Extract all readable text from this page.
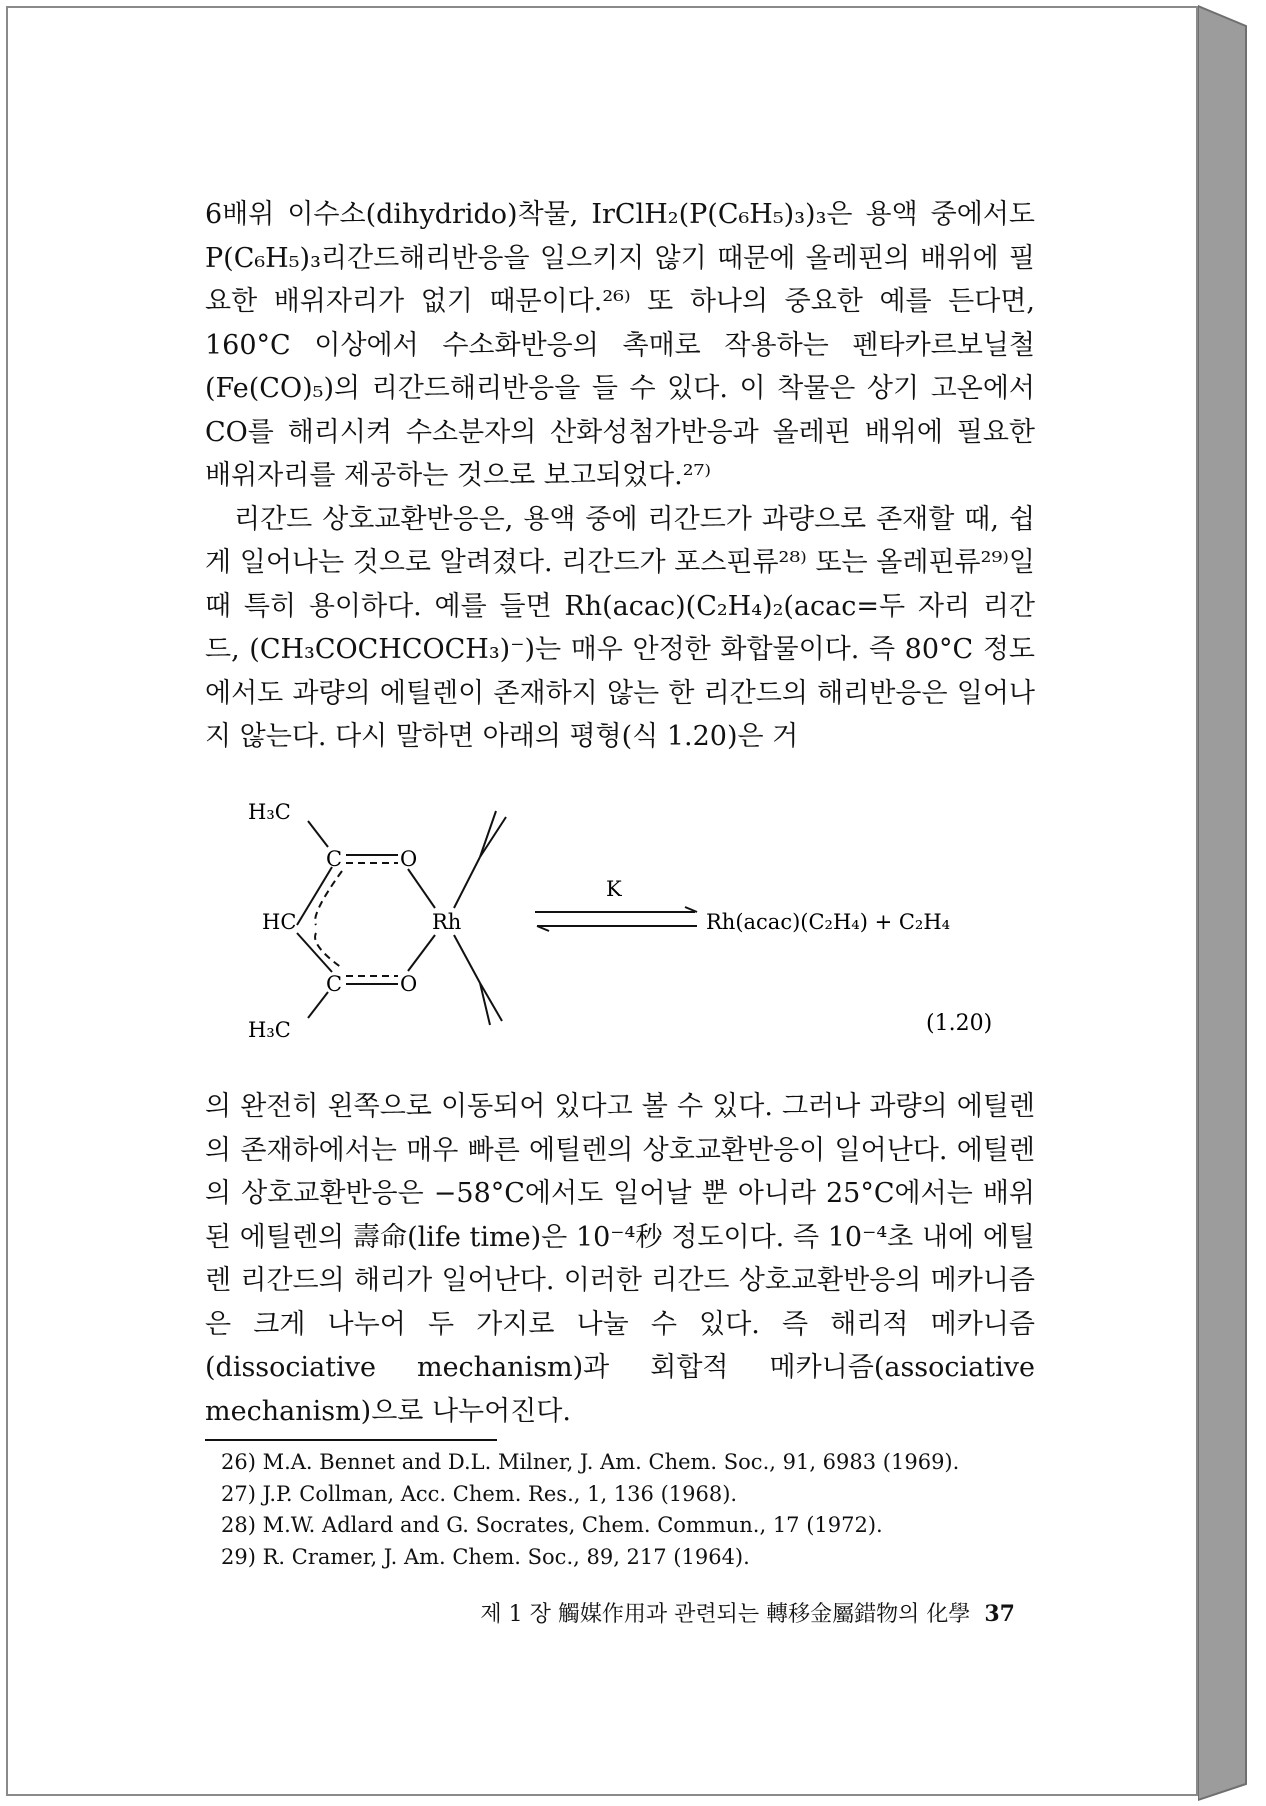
6배위 이수소(dihydrido)착물, IrClH₂(P(C₆H₅)₃)₃은 용액 중에서도 P(C₆H₅)₃리간드해리반응을 일으키지 않기 때문에 올레핀의 배위에 필요한 배위자리가 없기 때문이다.²⁶⁾ 또 하나의 중요한 예를 든다면, 160°C 이상에서 수소화반응의 촉매로 작용하는 펜타카르보닐철(Fe(CO)₅)의 리간드해리반응을 들 수 있다. 이 착물은 상기 고온에서 CO를 해리시켜 수소분자의 산화성첨가반응과 올레핀 배위에 필요한 배위자리를 제공하는 것으로 보고되었다.²⁷⁾

리간드 상호교환반응은, 용액 중에 리간드가 과량으로 존재할 때, 쉽게 일어나는 것으로 알려졌다. 리간드가 포스핀류²⁸⁾ 또는 올레핀류²⁹⁾일 때 특히 용이하다. 예를 들면 Rh(acac)(C₂H₄)₂(acac=두 자리 리간드, (CH₃COCHCOCH₃)⁻)는 매우 안정한 화합물이다. 즉 80°C 정도에서도 과량의 에틸렌이 존재하지 않는 한 리간드의 해리반응은 일어나지 않는다. 다시 말하면 아래의 평형(식 1.20)은 거

H₃C
H₃C
C
C
O
O
HC	Rh
K
Rh(acac)(C₂H₄) + C₂H₄
(1.20)

의 완전히 왼쪽으로 이동되어 있다고 볼 수 있다. 그러나 과량의 에틸렌의 존재하에서는 매우 빠른 에틸렌의 상호교환반응이 일어난다. 에틸렌의 상호교환반응은 −58°C에서도 일어날 뿐 아니라 25°C에서는 배위된 에틸렌의 壽命(life time)은 10⁻⁴秒 정도이다. 즉 10⁻⁴초 내에 에틸렌 리간드의 해리가 일어난다. 이러한 리간드 상호교환반응의 메카니즘은 크게 나누어 두 가지로 나눌 수 있다. 즉 해리적 메카니즘(dissociative mechanism)과 회합적 메카니즘(associative mechanism)으로 나누어진다.

26) M.A. Bennet and D.L. Milner, J. Am. Chem. Soc., 91, 6983 (1969).
27) J.P. Collman, Acc. Chem. Res., 1, 136 (1968).
28) M.W. Adlard and G. Socrates, Chem. Commun., 17 (1972).
29) R. Cramer, J. Am. Chem. Soc., 89, 217 (1964).
제 1 장 觸媒作用과 관련되는 轉移金屬錯物의 化學 37
